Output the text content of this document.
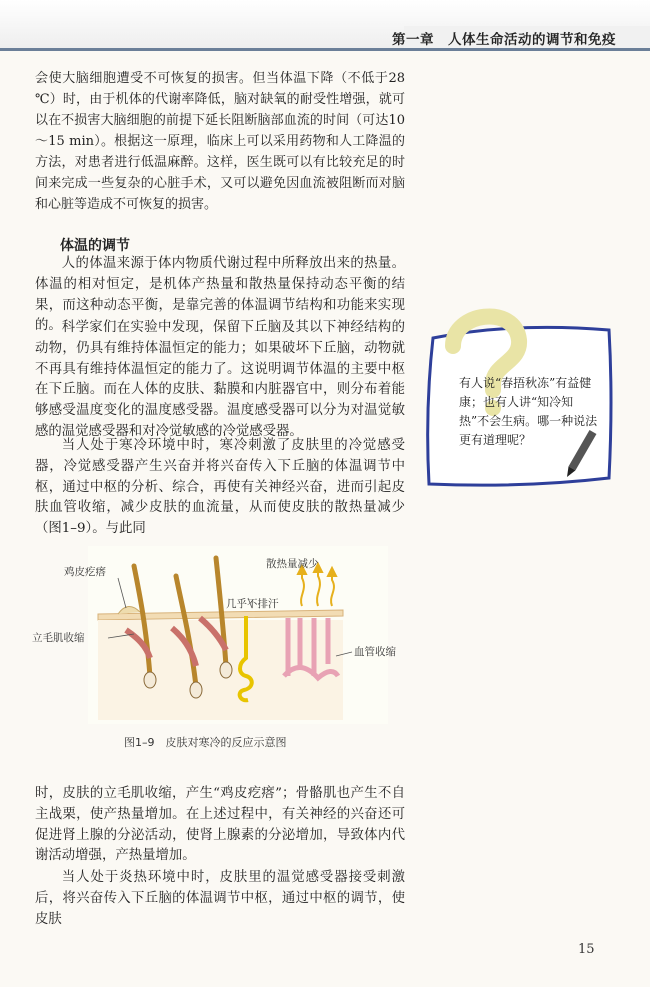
第一章　人体生命活动的调节和免疫

会使大脑细胞遭受不可恢复的损害。但当体温下降（不低于28 ℃）时，由于机体的代谢率降低，脑对缺氧的耐受性增强，就可以在不损害大脑细胞的前提下延长阻断脑部血流的时间（可达10～15 min）。根据这一原理，临床上可以采用药物和人工降温的方法，对患者进行低温麻醉。这样，医生既可以有比较充足的时间来完成一些复杂的心脏手术，又可以避免因血流被阻断而对脑和心脏等造成不可恢复的损害。

体温的调节

人的体温来源于体内物质代谢过程中所释放出来的热量。体温的相对恒定，是机体产热量和散热量保持动态平衡的结果，而这种动态平衡，是靠完善的体温调节结构和功能来实现的。 科学家们在实验中发现，保留下丘脑及其以下神经结构的动物，仍具有维持体温恒定的能力；如果破坏下丘脑，动物就不再具有维持体温恒定的能力了。这说明调节体温的主要中枢在下丘脑。而在人体的皮肤、黏膜和内脏器官中，则分布着能够感受温度变化的温度感受器。温度感受器可以分为对温觉敏感的温觉感受器和对冷觉敏感的冷觉感受器。

当人处于寒冷环境中时，寒冷刺激了皮肤里的冷觉感受器，冷觉感受器产生兴奋并将兴奋传入下丘脑的体温调节中枢，通过中枢的分析、综合，再使有关神经兴奋，进而引起皮肤血管收缩，减少皮肤的血流量，从而使皮肤的散热量减少（图1–9）。与此同

有人说“春捂秋冻”有益健康；也有人讲“知冷知热”不会生病。哪一种说法更有道理呢？

鸡皮疙瘩
散热量减少
几乎不排汗
立毛肌收缩
血管收缩

图1–9　皮肤对寒冷的反应示意图

时，皮肤的立毛肌收缩，产生“鸡皮疙瘩”；骨骼肌也产生不自主战栗，使产热量增加。在上述过程中，有关神经的兴奋还可促进肾上腺的分泌活动，使肾上腺素的分泌增加，导致体内代谢活动增强，产热量增加。

当人处于炎热环境中时，皮肤里的温觉感受器接受刺激后，将兴奋传入下丘脑的体温调节中枢，通过中枢的调节，使皮肤

15
